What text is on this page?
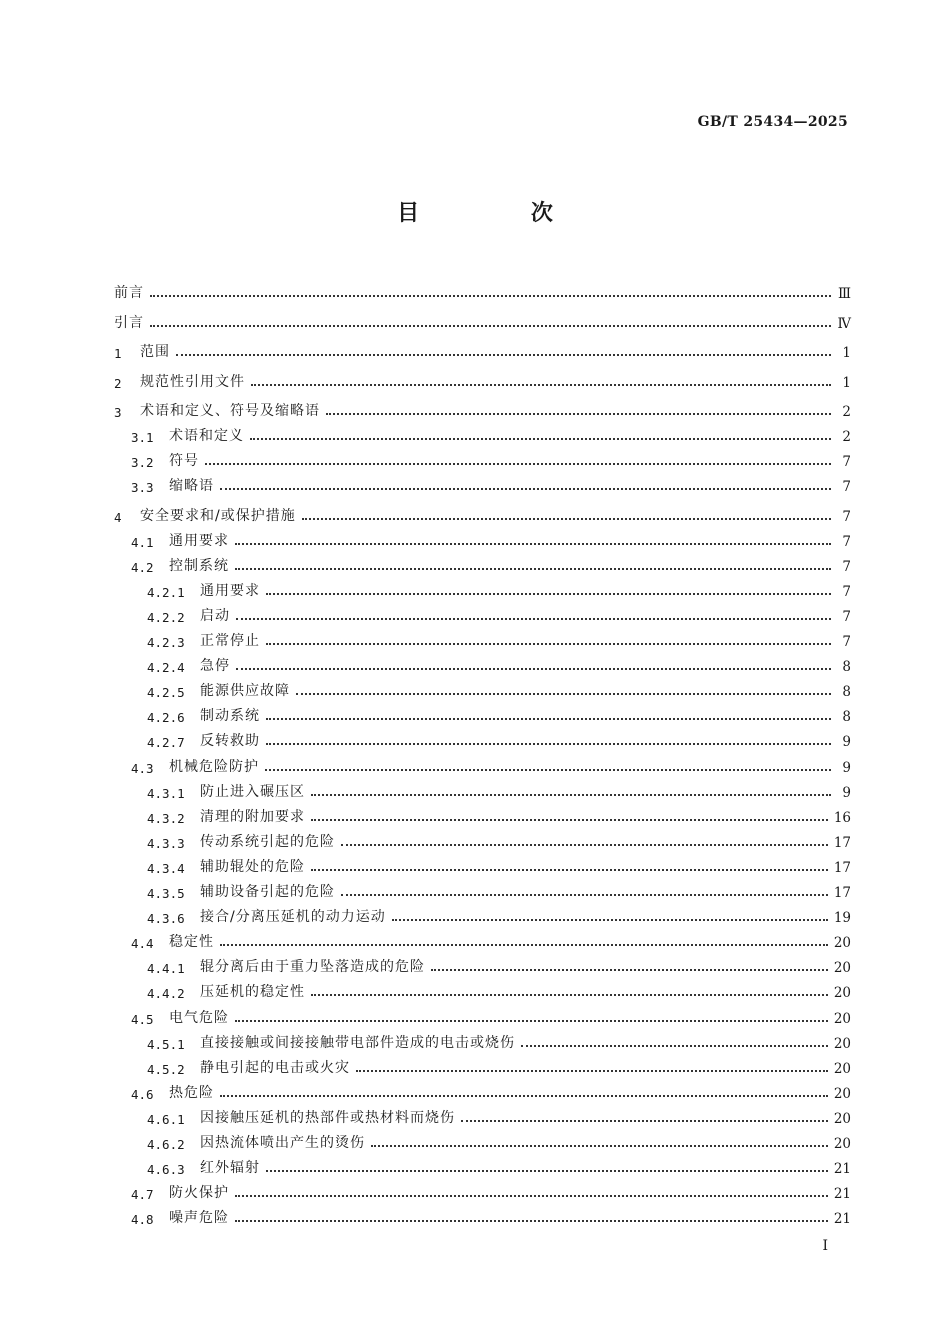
GB/T 25434—2025
目 次
前言	Ⅲ
引言	Ⅳ
1	范围	1
2	规范性引用文件	1
3	术语和定义、符号及缩略语	2
3.1	术语和定义	2
3.2	符号	7
3.3	缩略语	7
4	安全要求和/或保护措施	7
4.1	通用要求	7
4.2	控制系统	7
4.2.1	通用要求	7
4.2.2	启动	7
4.2.3	正常停止	7
4.2.4	急停	8
4.2.5	能源供应故障	8
4.2.6	制动系统	8
4.2.7	反转救助	9
4.3	机械危险防护	9
4.3.1	防止进入碾压区	9
4.3.2	清理的附加要求	16
4.3.3	传动系统引起的危险	17
4.3.4	辅助辊处的危险	17
4.3.5	辅助设备引起的危险	17
4.3.6	接合/分离压延机的动力运动	19
4.4	稳定性	20
4.4.1	辊分离后由于重力坠落造成的危险	20
4.4.2	压延机的稳定性	20
4.5	电气危险	20
4.5.1	直接接触或间接接触带电部件造成的电击或烧伤	20
4.5.2	静电引起的电击或火灾	20
4.6	热危险	20
4.6.1	因接触压延机的热部件或热材料而烧伤	20
4.6.2	因热流体喷出产生的烫伤	20
4.6.3	红外辐射	21
4.7	防火保护	21
4.8	噪声危险	21
I
